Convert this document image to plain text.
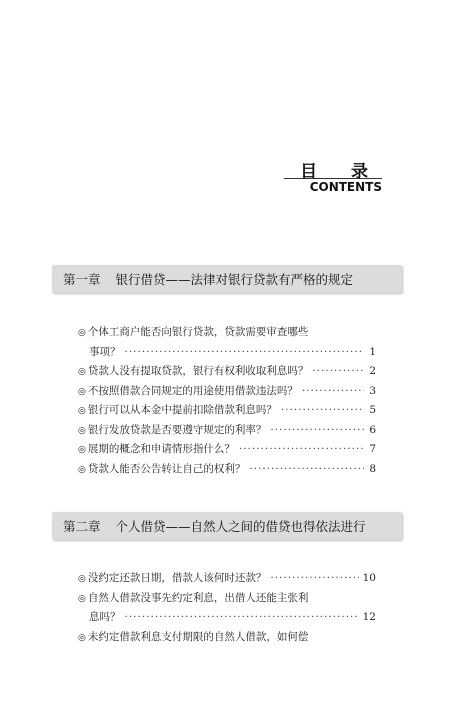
目 录
CONTENTS
第一章 银行借贷——法律对银行贷款有严格的规定
◎ 个体工商户能否向银行贷款，贷款需要审查哪些
事项？ ·····	1
◎ 贷款人没有提取贷款，银行有权利收取利息吗？ ·····	2
◎ 不按照借款合同规定的用途使用借款违法吗？ ·····	3
◎ 银行可以从本金中提前扣除借款利息吗？ ·····	5
◎ 银行发放贷款是否要遵守规定的利率？ ·····	6
◎ 展期的概念和申请情形指什么？ ·····	7
◎ 贷款人能否公告转让自己的权利？ ·····	8
第二章 个人借贷——自然人之间的借贷也得依法进行
◎ 没约定还款日期，借款人该何时还款？ ·····	10
◎ 自然人借款没事先约定利息，出借人还能主张利
息吗？ ·····	12
◎ 未约定借款利息支付期限的自然人借款，如何偿
